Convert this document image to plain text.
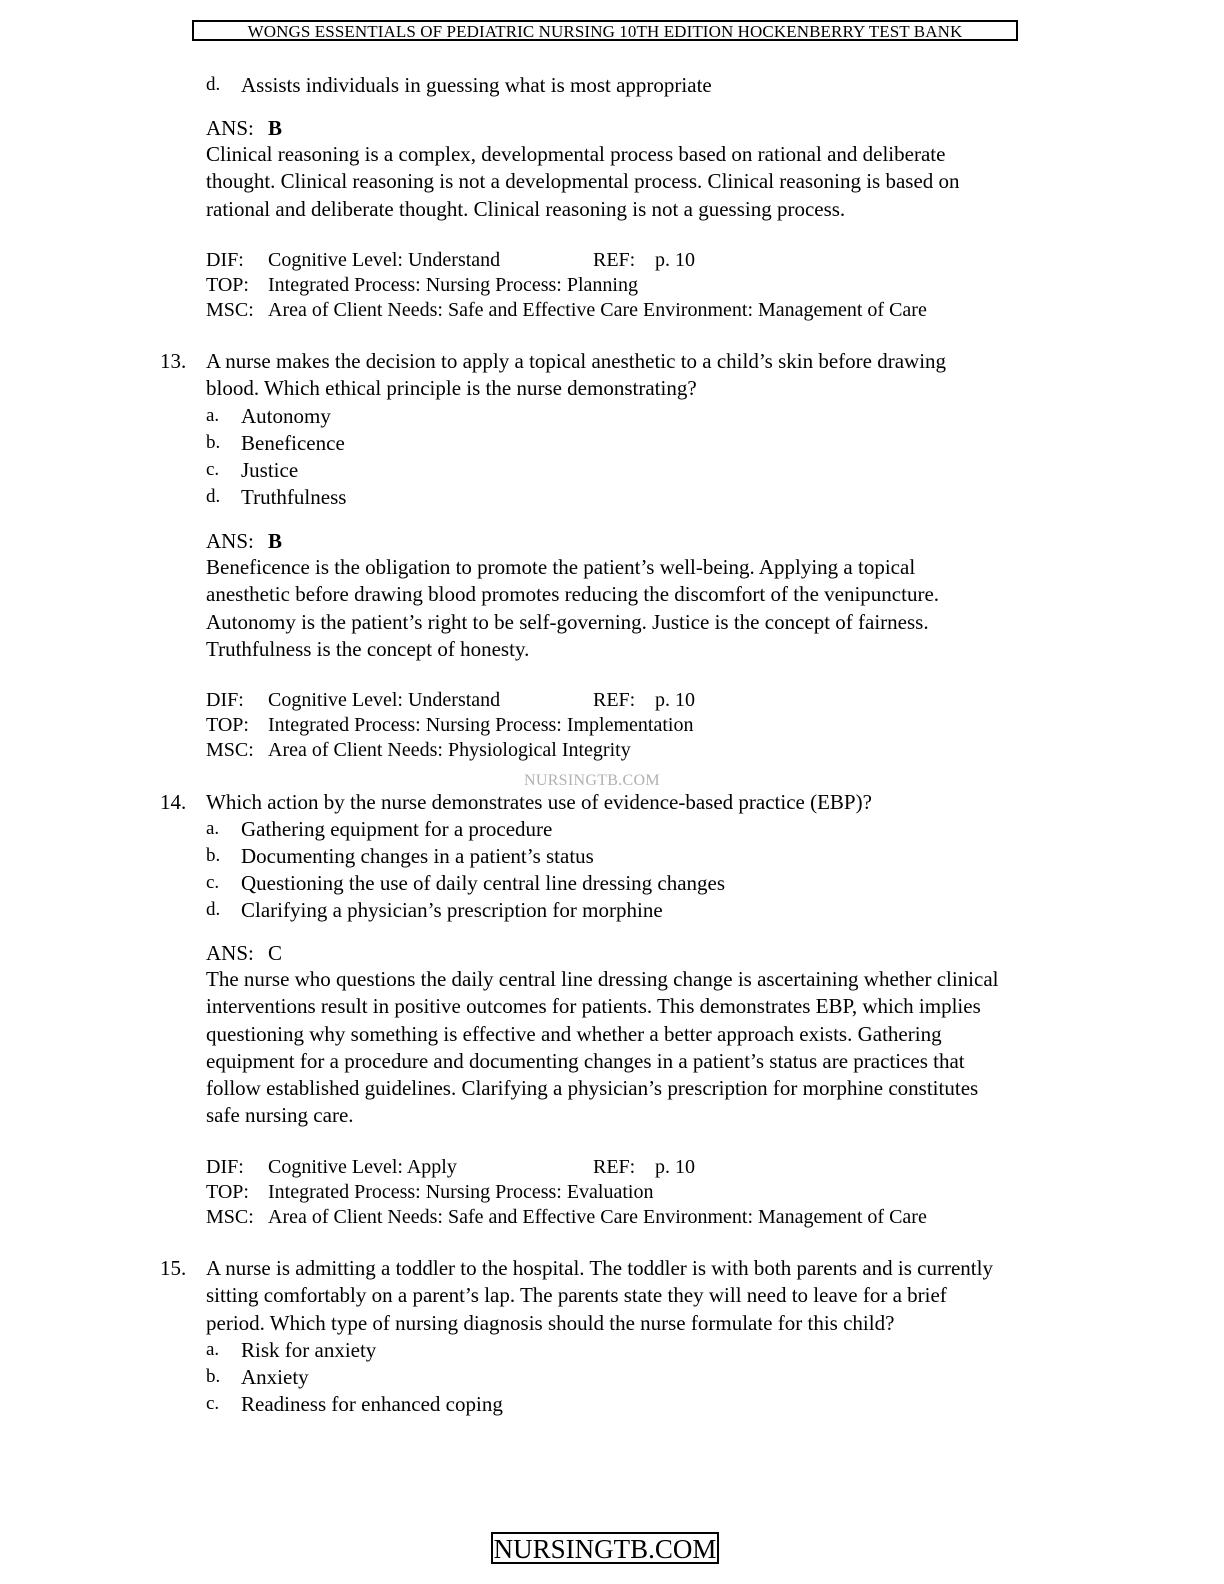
WONGS ESSENTIALS OF PEDIATRIC NURSING 10TH EDITION HOCKENBERRY TEST BANK
d. Assists individuals in guessing what is most appropriate
ANS: B
Clinical reasoning is a complex, developmental process based on rational and deliberate
thought. Clinical reasoning is not a developmental process. Clinical reasoning is based on
rational and deliberate thought. Clinical reasoning is not a guessing process.
DIF: Cognitive Level: Understand	REF: p. 10
TOP: Integrated Process: Nursing Process: Planning
MSC: Area of Client Needs: Safe and Effective Care Environment: Management of Care
13. A nurse makes the decision to apply a topical anesthetic to a child’s skin before drawing
blood. Which ethical principle is the nurse demonstrating?
a. Autonomy
b. Beneficence
c. Justice
d. Truthfulness
ANS: B
Beneficence is the obligation to promote the patient’s well-being. Applying a topical
anesthetic before drawing blood promotes reducing the discomfort of the venipuncture.
Autonomy is the patient’s right to be self-governing. Justice is the concept of fairness.
Truthfulness is the concept of honesty.
DIF: Cognitive Level: Understand	REF: p. 10
TOP: Integrated Process: Nursing Process: Implementation
MSC: Area of Client Needs: Physiological Integrity
NURSINGTB.COM
14. Which action by the nurse demonstrates use of evidence-based practice (EBP)?
a. Gathering equipment for a procedure
b. Documenting changes in a patient’s status
c. Questioning the use of daily central line dressing changes
d. Clarifying a physician’s prescription for morphine
ANS: C
The nurse who questions the daily central line dressing change is ascertaining whether clinical
interventions result in positive outcomes for patients. This demonstrates EBP, which implies
questioning why something is effective and whether a better approach exists. Gathering
equipment for a procedure and documenting changes in a patient’s status are practices that
follow established guidelines. Clarifying a physician’s prescription for morphine constitutes
safe nursing care.
DIF: Cognitive Level: Apply	REF: p. 10
TOP: Integrated Process: Nursing Process: Evaluation
MSC: Area of Client Needs: Safe and Effective Care Environment: Management of Care
15. A nurse is admitting a toddler to the hospital. The toddler is with both parents and is currently
sitting comfortably on a parent’s lap. The parents state they will need to leave for a brief
period. Which type of nursing diagnosis should the nurse formulate for this child?
a. Risk for anxiety
b. Anxiety
c. Readiness for enhanced coping
NURSINGTB.COM
